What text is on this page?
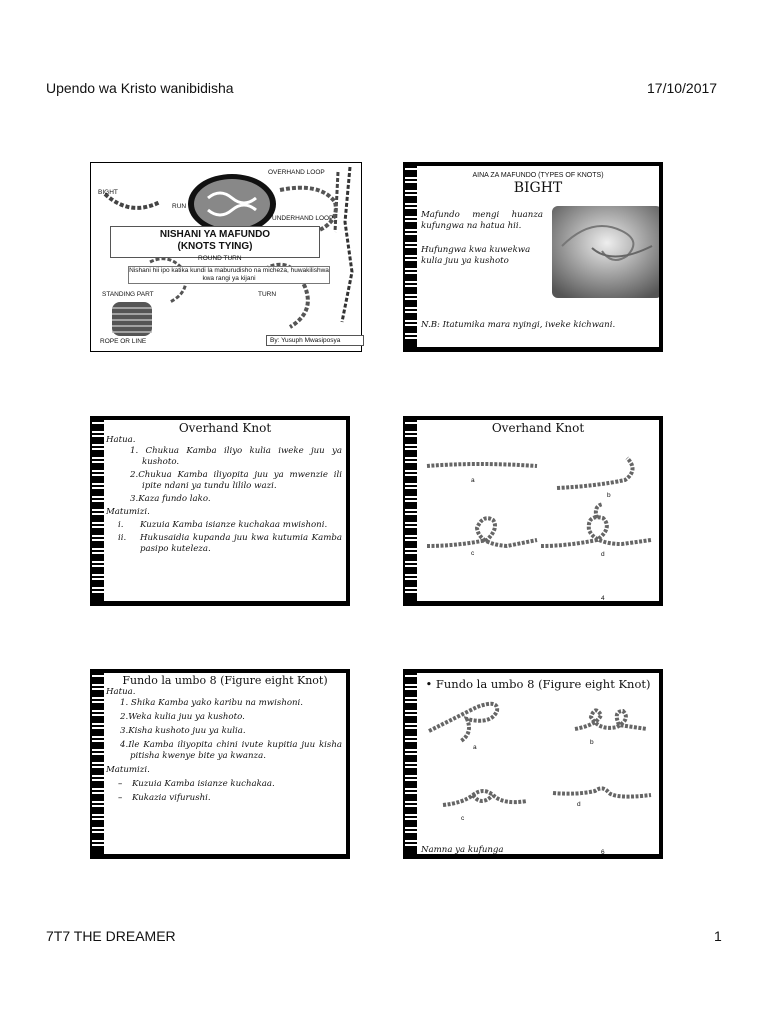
Upendo wa Kristo wanibidisha	17/10/2017
OVERHAND LOOP
BIGHT
RUN
UNDERHAND LOOP
NISHANI YA MAFUNDO
(KNOTS TYING)
ROUND TURN
Nishani hii ipo katika kundi la maburudisho na micheza, huwakilishwa kwa rangi ya kijani
STANDING PART	TURN
ROPE OR LINE	By: Yusuph Mwasiposya
AINA ZA MAFUNDO (TYPES OF KNOTS)
BIGHT
Mafundo mengi huanza kufungwa na hatua hii.
Hufungwa kwa kuwekwa kulia juu ya kushoto
N.B: Itatumika mara nyingi, iweke kichwani.
Overhand Knot
Hatua.
1. Chukua Kamba iliyo kulia iweke juu ya kushoto.
2.Chukua Kamba iliyopita juu ya mwenzie ili ipite ndani ya tundu lililo wazi.
3.Kaza fundo lako.
Matumizi.
i.	Kuzuia Kamba isianze kuchakaa mwishoni.
ii.	Hukusaidia kupanda juu kwa kutumia Kamba pasipo kuteleza.
Overhand Knot
a
b
c	d
4
Fundo la umbo 8 (Figure eight Knot)
Hatua.
1. Shika Kamba yako karibu na mwishoni.
2.Weka kulia juu ya kushoto.
3.Kisha kushoto juu ya kulia.
4.Ile Kamba iliyopita chini ivute kupitia juu kisha pitisha kwenye bite ya kwanza.
Matumizi.
–	Kuzuia Kamba isianze kuchakaa.
–	Kukazia vifurushi.
• Fundo la umbo 8 (Figure eight Knot)
a
b
c
d
Namna ya kufunga	6
7T7 THE DREAMER	1
